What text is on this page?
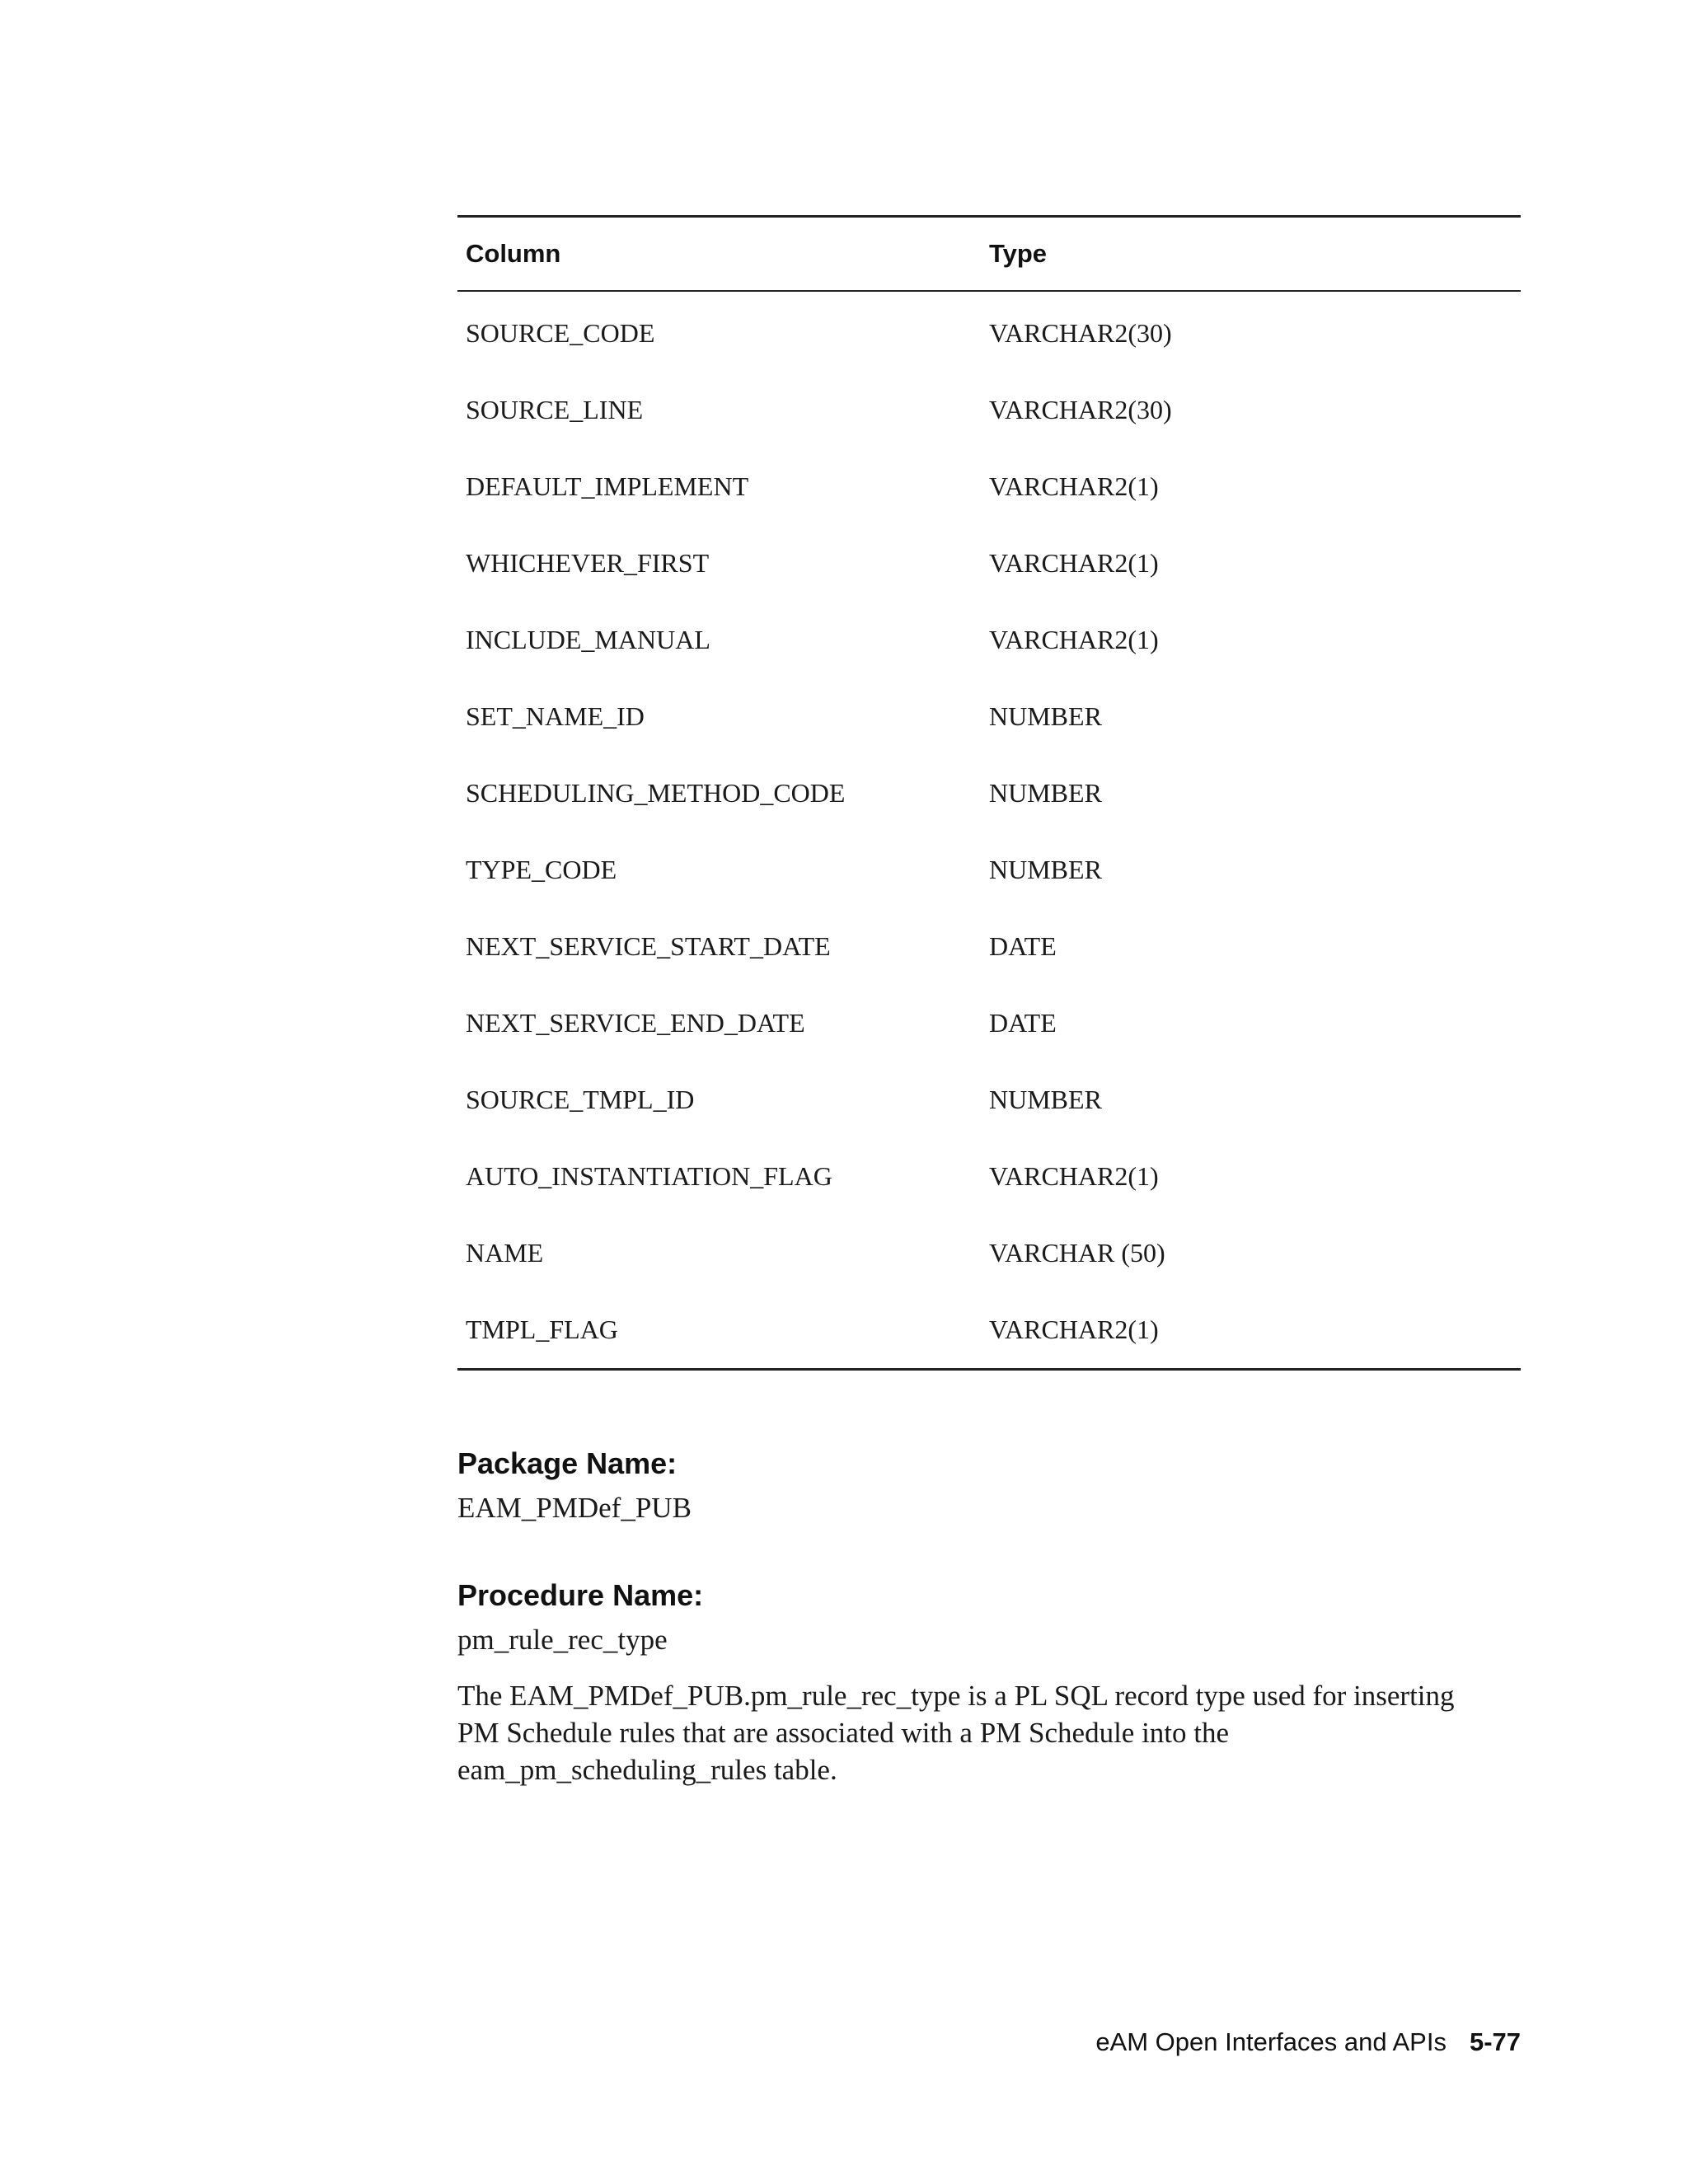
Column	Type
SOURCE_CODE	VARCHAR2(30)
SOURCE_LINE	VARCHAR2(30)
DEFAULT_IMPLEMENT	VARCHAR2(1)
WHICHEVER_FIRST	VARCHAR2(1)
INCLUDE_MANUAL	VARCHAR2(1)
SET_NAME_ID	NUMBER
SCHEDULING_METHOD_CODE	NUMBER
TYPE_CODE	NUMBER
NEXT_SERVICE_START_DATE	DATE
NEXT_SERVICE_END_DATE	DATE
SOURCE_TMPL_ID	NUMBER
AUTO_INSTANTIATION_FLAG	VARCHAR2(1)
NAME	VARCHAR (50)
TMPL_FLAG	VARCHAR2(1)
Package Name:
EAM_PMDef_PUB
Procedure Name:
pm_rule_rec_type
The EAM_PMDef_PUB.pm_rule_rec_type is a PL SQL record type used for inserting
PM Schedule rules that are associated with a PM Schedule into the
eam_pm_scheduling_rules table.
eAM Open Interfaces and APIs 5-77
